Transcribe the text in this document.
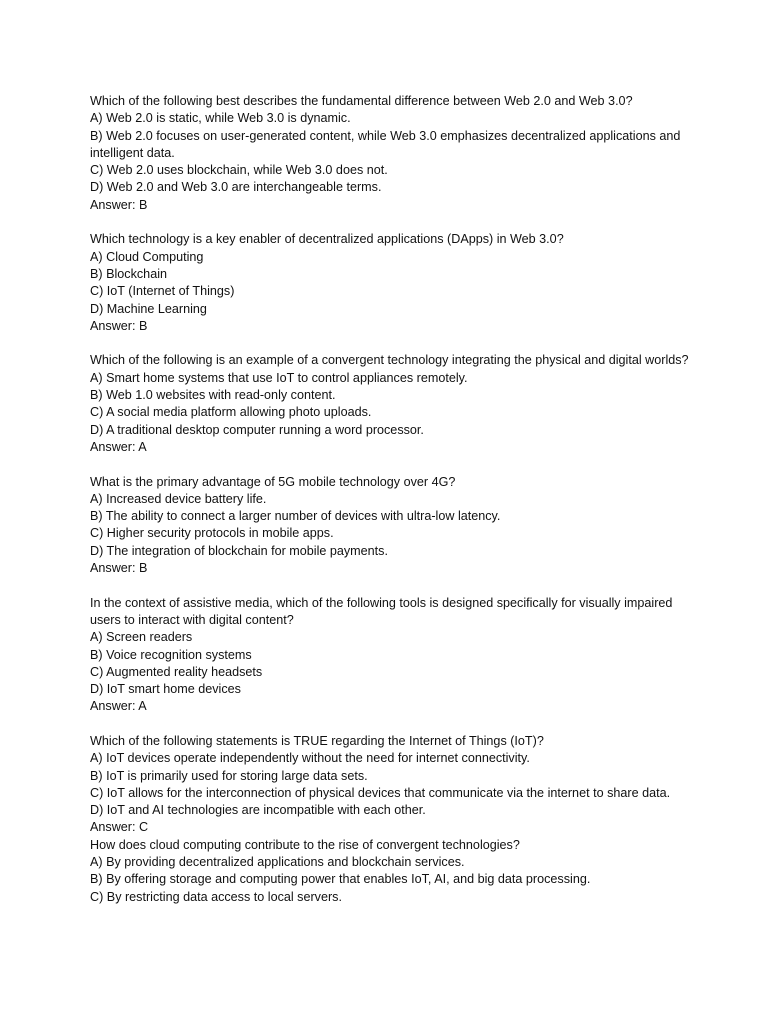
Which of the following best describes the fundamental difference between Web 2.0 and Web 3.0?
A) Web 2.0 is static, while Web 3.0 is dynamic.
B) Web 2.0 focuses on user-generated content, while Web 3.0 emphasizes decentralized applications and intelligent data.
C) Web 2.0 uses blockchain, while Web 3.0 does not.
D) Web 2.0 and Web 3.0 are interchangeable terms.
Answer: B
Which technology is a key enabler of decentralized applications (DApps) in Web 3.0?
A) Cloud Computing
B) Blockchain
C) IoT (Internet of Things)
D) Machine Learning
Answer: B
Which of the following is an example of a convergent technology integrating the physical and digital worlds?
A) Smart home systems that use IoT to control appliances remotely.
B) Web 1.0 websites with read-only content.
C) A social media platform allowing photo uploads.
D) A traditional desktop computer running a word processor.
Answer: A
What is the primary advantage of 5G mobile technology over 4G?
A) Increased device battery life.
B) The ability to connect a larger number of devices with ultra-low latency.
C) Higher security protocols in mobile apps.
D) The integration of blockchain for mobile payments.
Answer: B
In the context of assistive media, which of the following tools is designed specifically for visually impaired users to interact with digital content?
A) Screen readers
B) Voice recognition systems
C) Augmented reality headsets
D) IoT smart home devices
Answer: A
Which of the following statements is TRUE regarding the Internet of Things (IoT)?
A) IoT devices operate independently without the need for internet connectivity.
B) IoT is primarily used for storing large data sets.
C) IoT allows for the interconnection of physical devices that communicate via the internet to share data.
D) IoT and AI technologies are incompatible with each other.
Answer: C
How does cloud computing contribute to the rise of convergent technologies?
A) By providing decentralized applications and blockchain services.
B) By offering storage and computing power that enables IoT, AI, and big data processing.
C) By restricting data access to local servers.
